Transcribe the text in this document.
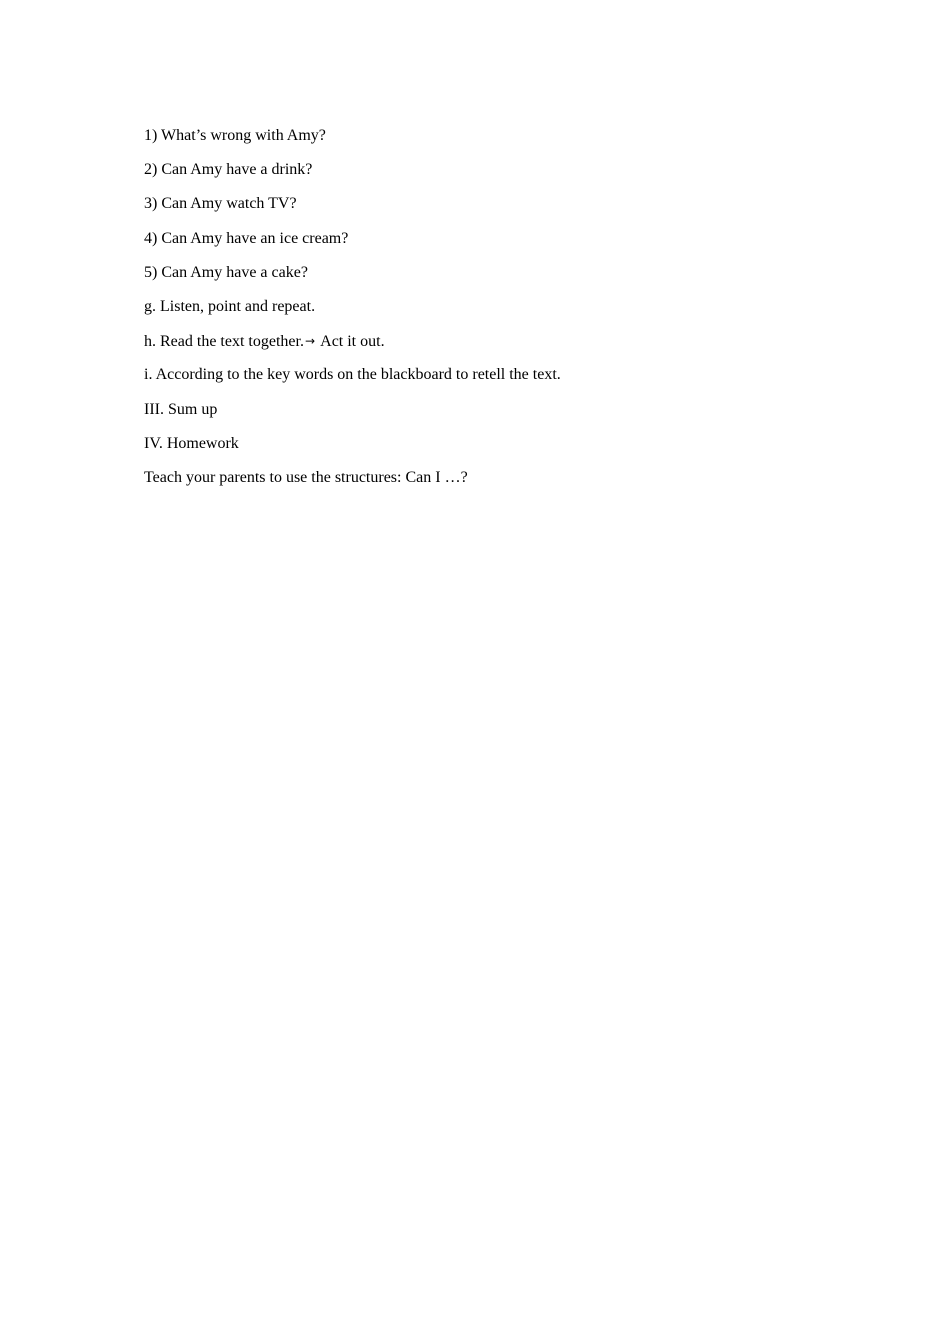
1) What’s wrong with Amy?

2) Can Amy have a drink?

3) Can Amy watch TV?

4) Can Amy have an ice cream?

5) Can Amy have a cake?

g. Listen, point and repeat.

h. Read the text together.→ Act it out.

i. According to the key words on the blackboard to retell the text.

III. Sum up

IV. Homework

Teach your parents to use the structures: Can I …?
